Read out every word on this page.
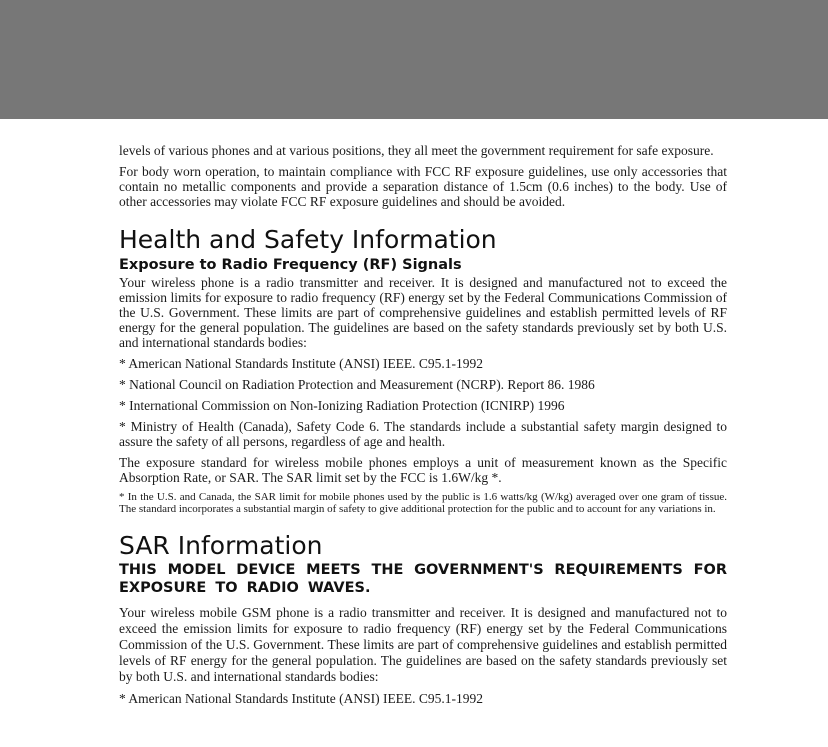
levels of various phones and at various positions, they all meet the government requirement for safe exposure.

For body worn operation, to maintain compliance with FCC RF exposure guidelines, use only accessories that contain no metallic components and provide a separation distance of 1.5cm (0.6 inches) to the body. Use of other accessories may violate FCC RF exposure guidelines and should be avoided.

Health and Safety Information
Exposure to Radio Frequency (RF) Signals

Your wireless phone is a radio transmitter and receiver. It is designed and manufactured not to exceed the emission limits for exposure to radio frequency (RF) energy set by the Federal Communications Commission of the U.S. Government. These limits are part of comprehensive guidelines and establish permitted levels of RF energy for the general population. The guidelines are based on the safety standards previously set by both U.S. and international standards bodies:

* American National Standards Institute (ANSI) IEEE. C95.1-1992

* National Council on Radiation Protection and Measurement (NCRP). Report 86. 1986

* International Commission on Non-Ionizing Radiation Protection (ICNIRP) 1996

* Ministry of Health (Canada), Safety Code 6. The standards include a substantial safety margin designed to assure the safety of all persons, regardless of age and health.

The exposure standard for wireless mobile phones employs a unit of measurement known as the Specific Absorption Rate, or SAR. The SAR limit set by the FCC is 1.6W/kg *.

* In the U.S. and Canada, the SAR limit for mobile phones used by the public is 1.6 watts/kg (W/kg) averaged over one gram of tissue. The standard incorporates a substantial margin of safety to give additional protection for the public and to account for any variations in.

SAR Information
THIS MODEL DEVICE MEETS THE GOVERNMENT'S REQUIREMENTS FOR EXPOSURE TO RADIO WAVES.

Your wireless mobile GSM phone is a radio transmitter and receiver. It is designed and manufactured not to exceed the emission limits for exposure to radio frequency (RF) energy set by the Federal Communications Commission of the U.S. Government. These limits are part of comprehensive guidelines and establish permitted levels of RF energy for the general population. The guidelines are based on the safety standards previously set by both U.S. and international standards bodies:

* American National Standards Institute (ANSI) IEEE. C95.1-1992
